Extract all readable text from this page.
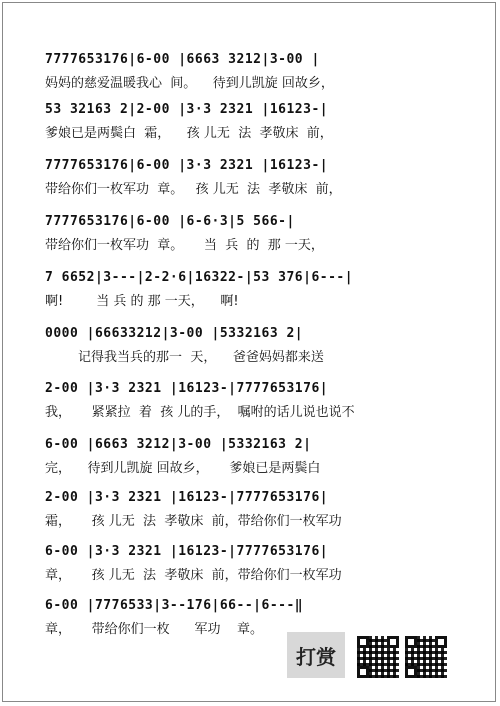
7777653176|6-00 |6663 3212|3-00 |
妈妈的慈爱温暖我心  间。    待到儿凯旋 回故乡，
53 32163 2|2-00 |3·3 2321 |16123-|
爹娘已是两鬓白  霜，    孩 儿无  法  孝敬床  前，
7777653176|6-00 |3·3 2321 |16123-|
带给你们一枚军功  章。   孩 儿无  法  孝敬床  前，
7777653176|6-00 |6-6·3|5 566-|
带给你们一枚军功  章。     当  兵  的  那 一天，
7 6652|3---|2-2·6|16322-|53 376|6---|
啊!        当 兵 的 那 一天，    啊!
0000 |66633212|3-00 |5332163 2|
记得我当兵的那一  天，    爸爸妈妈都来送
2-00 |3·3 2321 |16123-|7777653176|
我，     紧紧拉  着  孩 儿的手，  嘱咐的话儿说也说不
6-00 |6663 3212|3-00 |5332163 2|
完，    待到儿凯旋 回故乡，     爹娘已是两鬓白
2-00 |3·3 2321 |16123-|7777653176|
霜，     孩 儿无  法  孝敬床  前，带给你们一枚军功
6-00 |3·3 2321 |16123-|7777653176|
章，     孩 儿无  法  孝敬床  前，带给你们一枚军功
6-00 |7776533|3--176|66--|6---‖
章，     带给你们一枚      军功    章。
打赏
